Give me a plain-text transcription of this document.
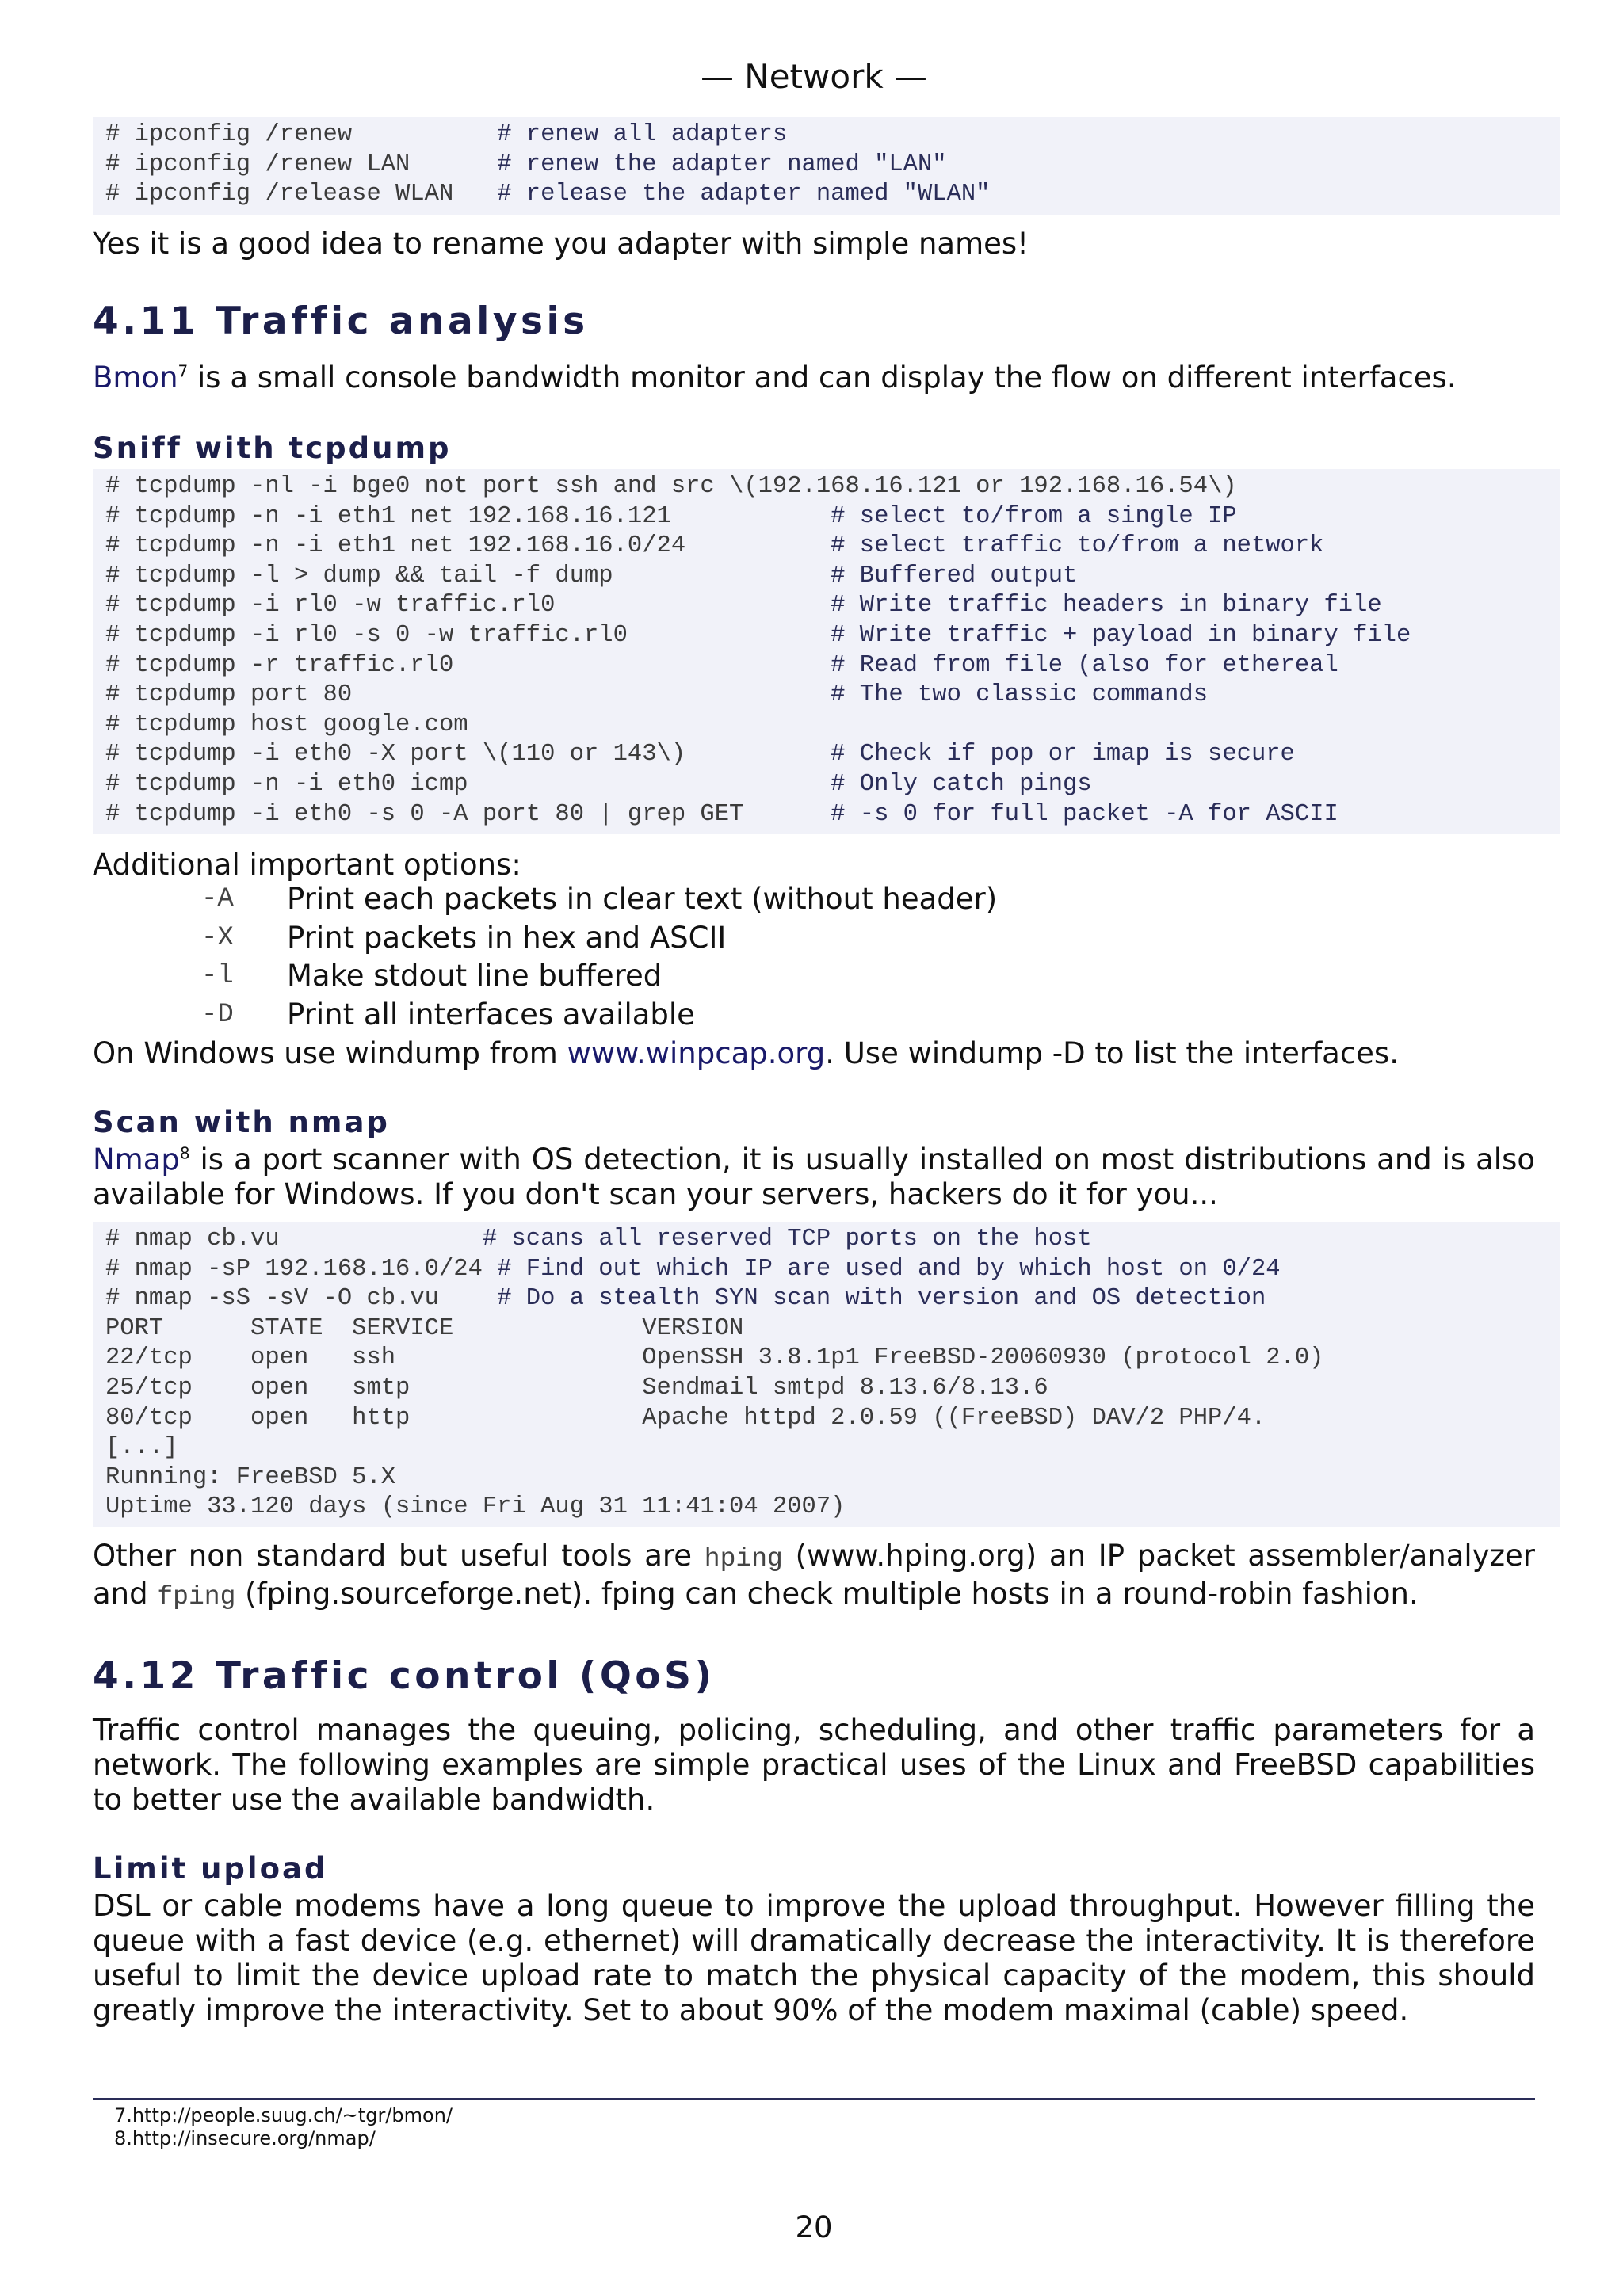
— Network —
# ipconfig /renew          # renew all adapters
# ipconfig /renew LAN      # renew the adapter named "LAN"
# ipconfig /release WLAN   # release the adapter named "WLAN"
Yes it is a good idea to rename you adapter with simple names!
4.11 Traffic analysis
Bmon$^7$ is a small console bandwidth monitor and can display the flow on different interfaces.
Sniff with tcpdump
# tcpdump -nl -i bge0 not port ssh and src \(192.168.16.121 or 192.168.16.54\)
# tcpdump -n -i eth1 net 192.168.16.121           # select to/from a single IP
# tcpdump -n -i eth1 net 192.168.16.0/24          # select traffic to/from a network
# tcpdump -l > dump && tail -f dump               # Buffered output
# tcpdump -i rl0 -w traffic.rl0                   # Write traffic headers in binary file
# tcpdump -i rl0 -s 0 -w traffic.rl0              # Write traffic + payload in binary file
# tcpdump -r traffic.rl0                          # Read from file (also for ethereal
# tcpdump port 80                                 # The two classic commands
# tcpdump host google.com
# tcpdump -i eth0 -X port \(110 or 143\)          # Check if pop or imap is secure
# tcpdump -n -i eth0 icmp                         # Only catch pings
# tcpdump -i eth0 -s 0 -A port 80 | grep GET      # -s 0 for full packet -A for ASCII
Additional important options:
-A	Print each packets in clear text (without header)
-X	Print packets in hex and ASCII
-l	Make stdout line buffered
-D	Print all interfaces available
On Windows use windump from www.winpcap.org. Use windump -D to list the interfaces.
Scan with nmap
Nmap$^8$ is a port scanner with OS detection, it is usually installed on most distributions and is also available for Windows. If you don't scan your servers, hackers do it for you...
# nmap cb.vu              # scans all reserved TCP ports on the host
# nmap -sP 192.168.16.0/24 # Find out which IP are used and by which host on 0/24
# nmap -sS -sV -O cb.vu    # Do a stealth SYN scan with version and OS detection
PORT      STATE  SERVICE             VERSION
22/tcp    open   ssh                 OpenSSH 3.8.1p1 FreeBSD-20060930 (protocol 2.0)
25/tcp    open   smtp                Sendmail smtpd 8.13.6/8.13.6
80/tcp    open   http                Apache httpd 2.0.59 ((FreeBSD) DAV/2 PHP/4.
[...]
Running: FreeBSD 5.X
Uptime 33.120 days (since Fri Aug 31 11:41:04 2007)
Other non standard but useful tools are hping (www.hping.org) an IP packet assembler/analyzer and fping (fping.sourceforge.net). fping can check multiple hosts in a round-robin fashion.
4.12 Traffic control (QoS)
Traffic control manages the queuing, policing, scheduling, and other traffic parameters for a network. The following examples are simple practical uses of the Linux and FreeBSD capabilities to better use the available bandwidth.
Limit upload
DSL or cable modems have a long queue to improve the upload throughput. However filling the queue with a fast device (e.g. ethernet) will dramatically decrease the interactivity. It is therefore useful to limit the device upload rate to match the physical capacity of the modem, this should greatly improve the interactivity. Set to about 90% of the modem maximal (cable) speed.
7.http://people.suug.ch/~tgr/bmon/
8.http://insecure.org/nmap/
20
